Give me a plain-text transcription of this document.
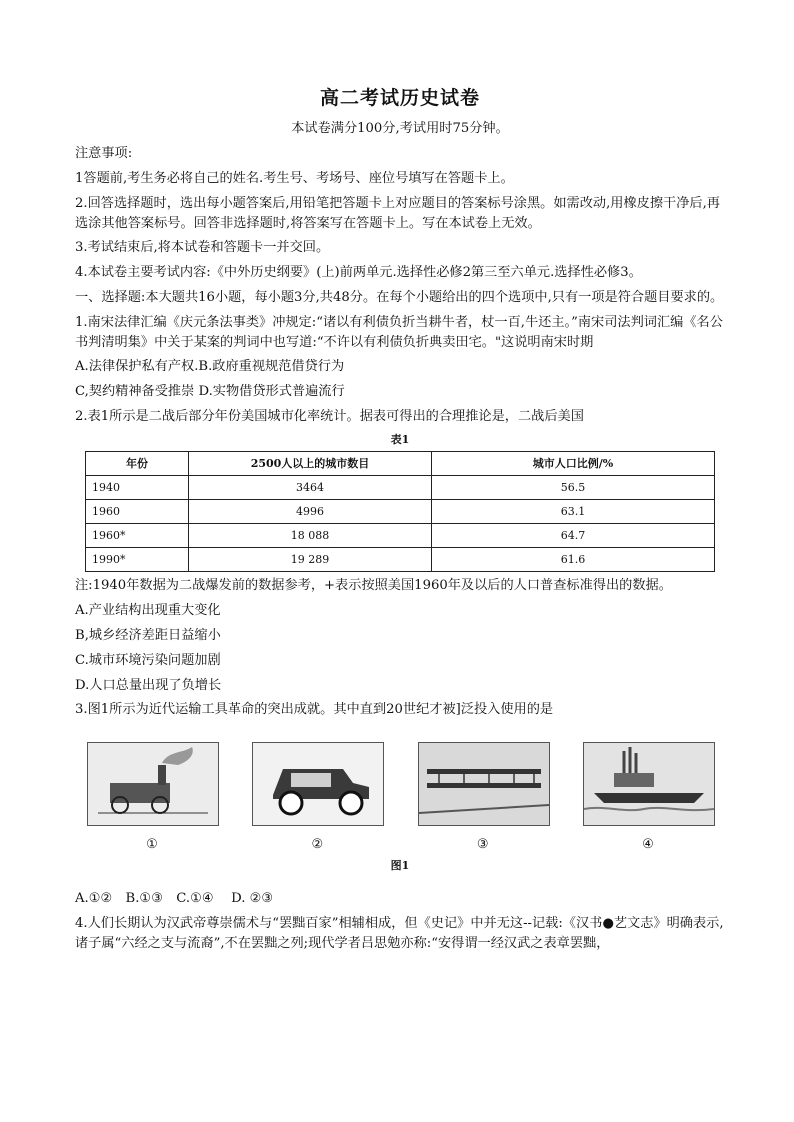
高二考试历史试卷
本试卷满分100分,考试用时75分钟。

注意事项:

1答题前,考生务必将自己的姓名.考生号、考场号、座位号填写在答题卡上。

2.回答选择题时，选出每小题答案后,用铅笔把答题卡上对应题目的答案标号涂黑。如需改动,用橡皮擦干净后,再选涂其他答案标号。回答非选择题时,将答案写在答题卡上。写在本试卷上无效。

3.考试结束后,将本试卷和答题卡一并交回。

4.本试卷主要考试内容:《中外历史纲要》(上)前两单元.选择性必修2第三至六单元.选择性必修3。

一、选择题:本大题共16小题，每小题3分,共48分。在每个小题给出的四个选项中,只有一项是符合题目要求的。

1.南宋法律汇编《庆元条法事类》冲规定:“诸以有利债负折当耕牛者，杖一百,牛还主。”南宋司法判词汇编《名公书判清明集》中关于某案的判词中也写道:“不许以有利债负折典卖田宅。"这说明南宋时期

A.法律保护私有产权.B.政府重视规范借贷行为

C,契约精神备受推崇 D.实物借贷形式普遍流行

2.表1所示是二战后部分年份美国城市化率统计。据表可得出的合理推论是，二战后美国

表1
年份	2500人以上的城市数目	城市人口比例/%
1940	3464	56.5
1960	4996	63.1
1960*	18 088	64.7
1990*	19 289	61.6

注:1940年数据为二战爆发前的数据参考，+表示按照美国1960年及以后的人口普查标准得出的数据。

A.产业结构出现重大变化

B,城乡经济差距日益缩小

C.城市环境污染问题加剧

D.人口总量出现了负增长

3.图1所示为近代运输工具革命的突出成就。其中直到20世纪才被]泛投入使用的是

①	②	③	④
图1

A.①②　B.①③　C.①④　 D. ②③

4.人们长期认为汉武帝尊崇儒术与“罢黜百家”相辅相成，但《史记》中并无这--记载:《汉书●艺文志》明确表示,诸子属“六经之支与流裔”,不在罢黜之列;现代学者吕思勉亦称:“安得谓一经汉武之表章罢黜，
